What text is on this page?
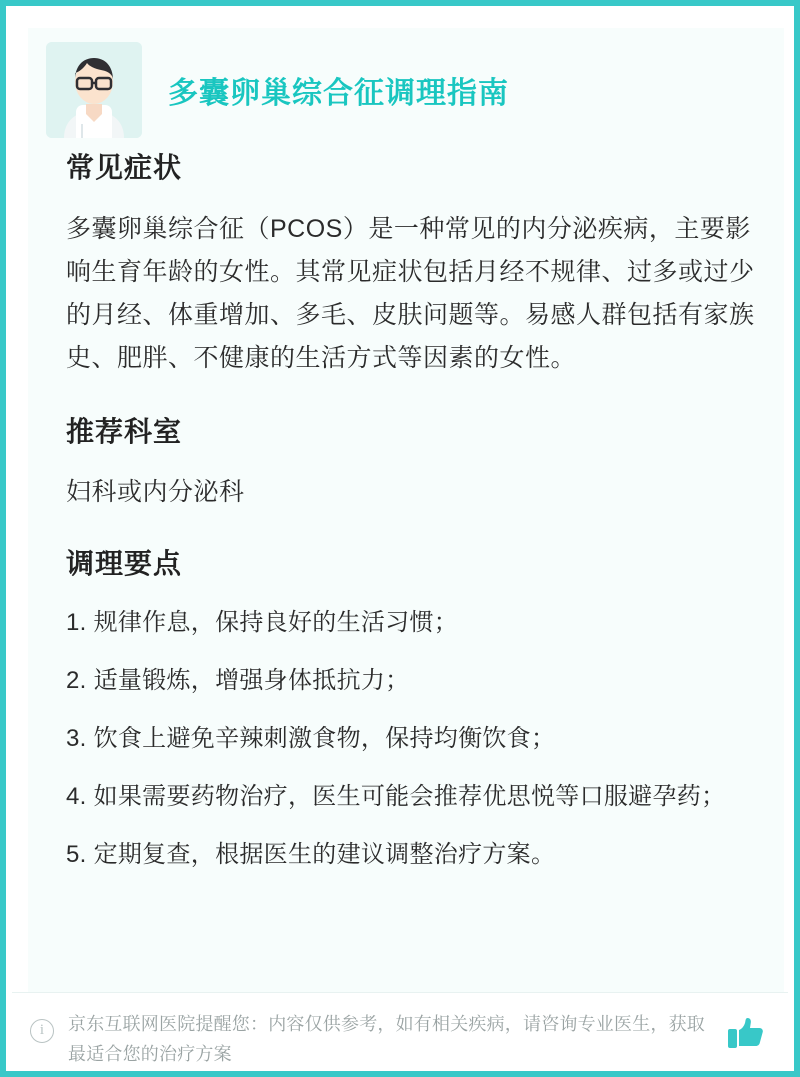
多囊卵巢综合征调理指南
常见症状

多囊卵巢综合征（PCOS）是一种常见的内分泌疾病，主要影响生育年龄的女性。其常见症状包括月经不规律、过多或过少的月经、体重增加、多毛、皮肤问题等。易感人群包括有家族史、肥胖、不健康的生活方式等因素的女性。

推荐科室

妇科或内分泌科

调理要点
1. 规律作息，保持良好的生活习惯；
2. 适量锻炼，增强身体抵抗力；
3. 饮食上避免辛辣刺激食物，保持均衡饮食；
4. 如果需要药物治疗，医生可能会推荐优思悦等口服避孕药；
5. 定期复查，根据医生的建议调整治疗方案。
i	京东互联网医院提醒您：内容仅供参考，如有相关疾病，请咨询专业医生，获取最适合您的治疗方案
